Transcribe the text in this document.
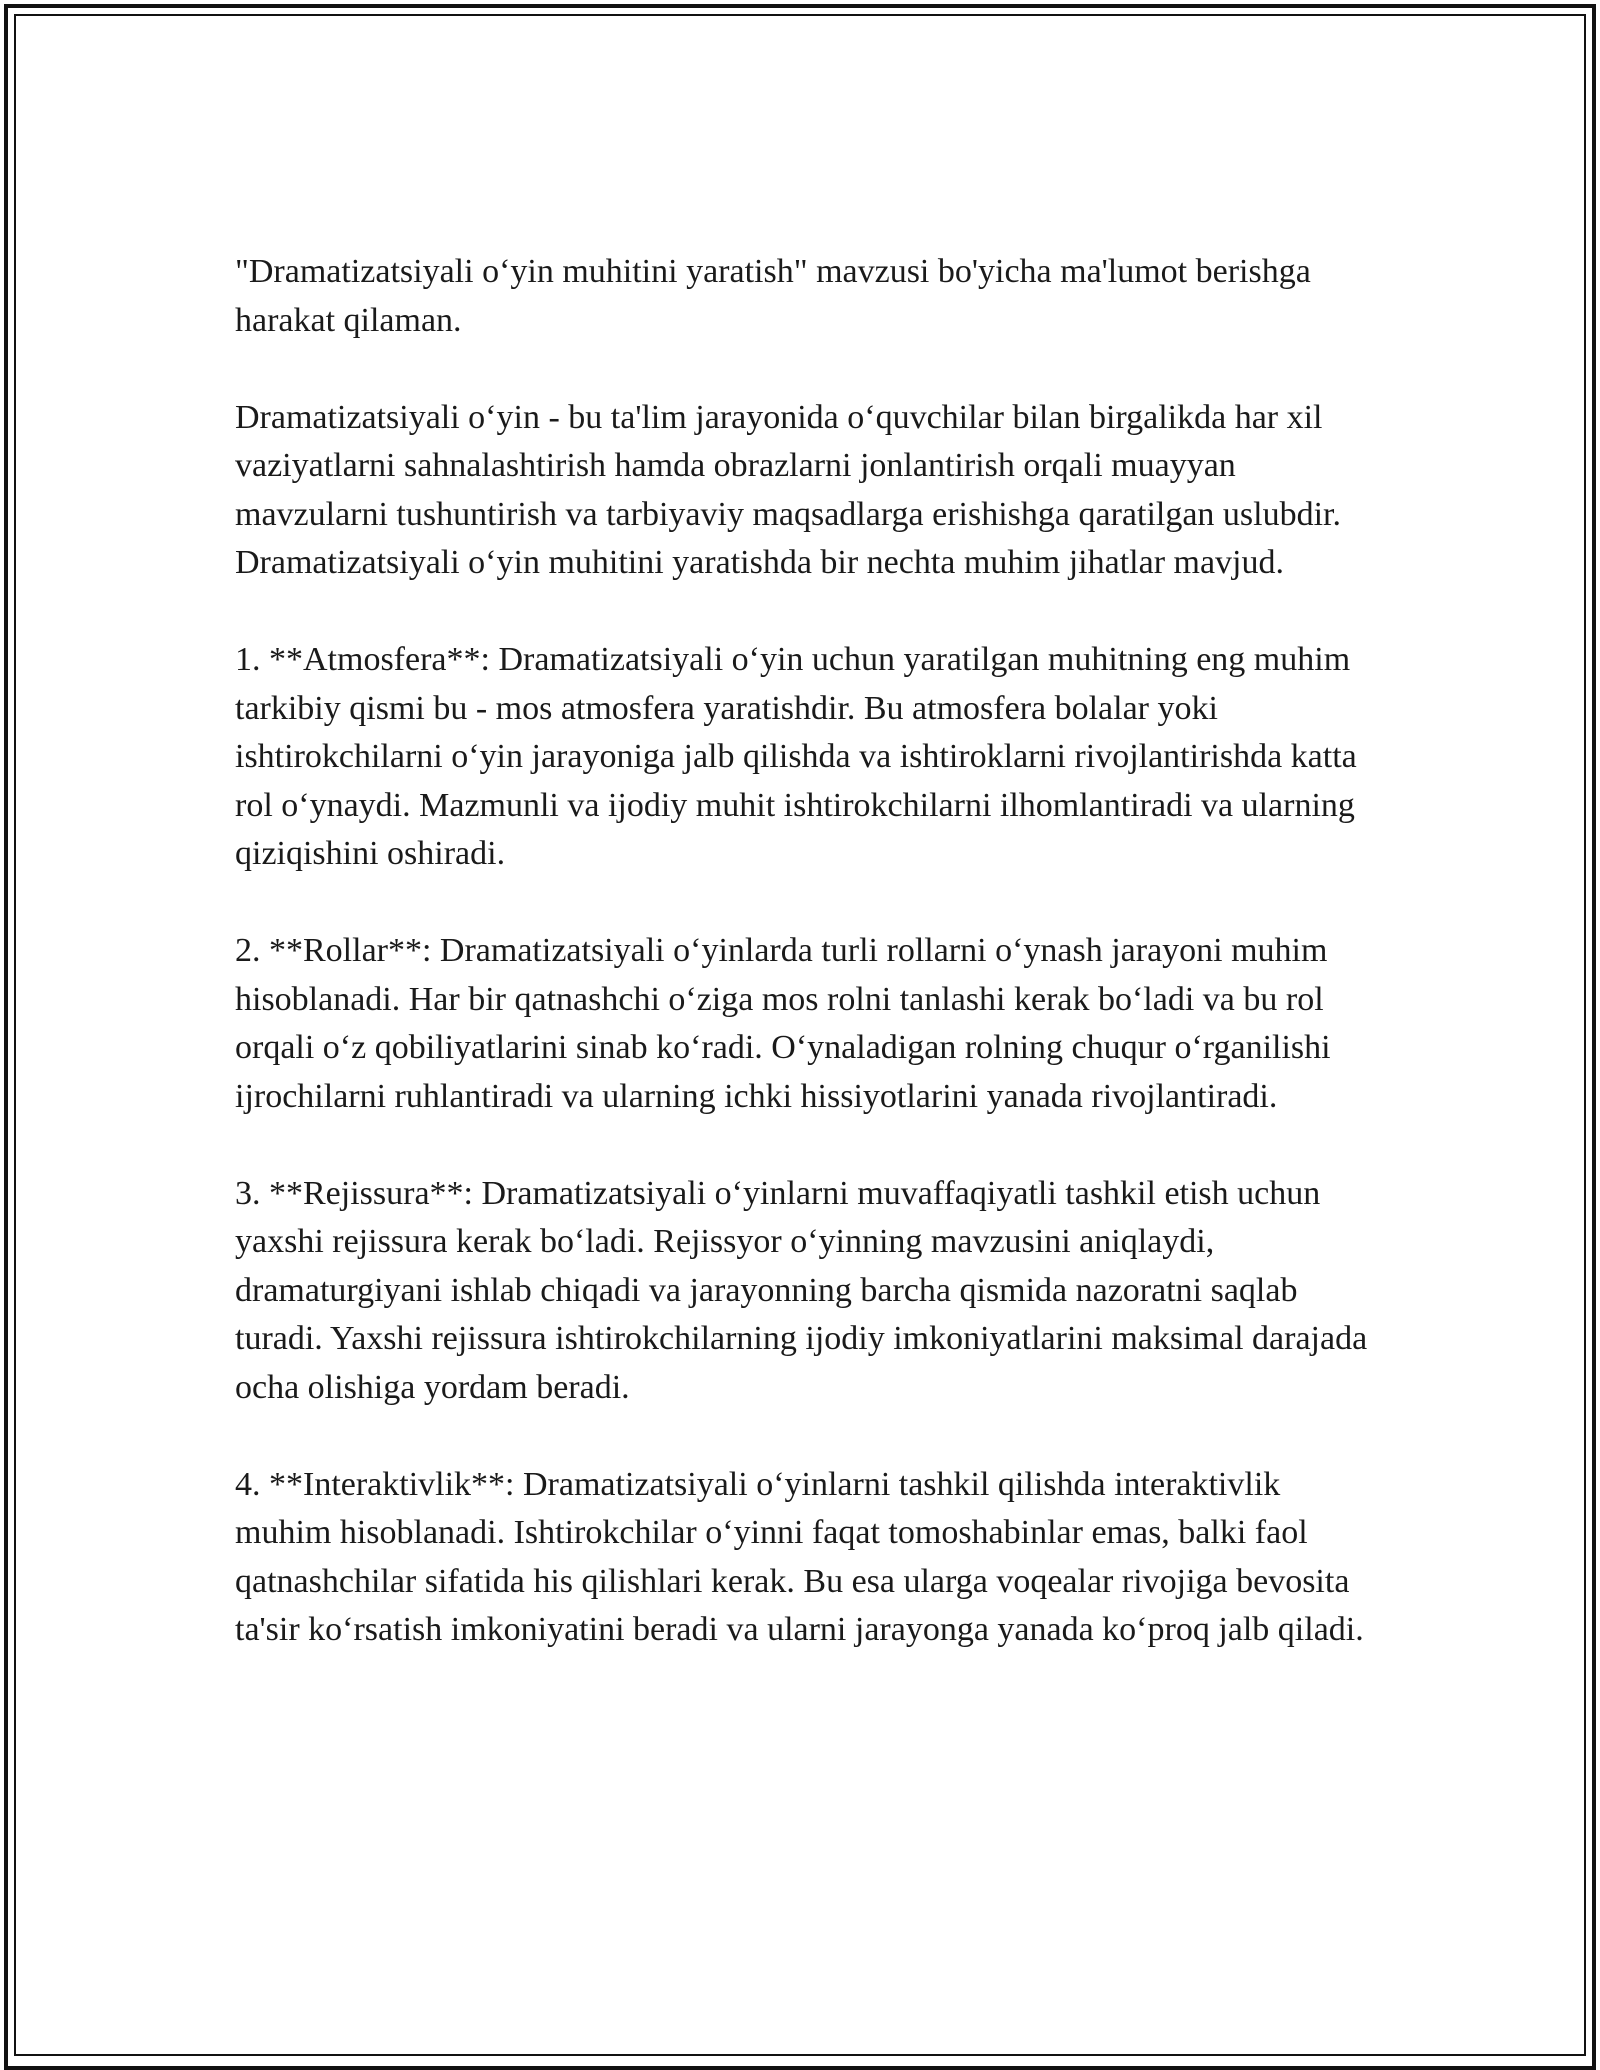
"Dramatizatsiyali o‘yin muhitini yaratish" mavzusi bo'yicha ma'lumot berishga harakat qilaman.

Dramatizatsiyali o‘yin - bu ta'lim jarayonida o‘quvchilar bilan birgalikda har xil vaziyatlarni sahnalashtirish hamda obrazlarni jonlantirish orqali muayyan mavzularni tushuntirish va tarbiyaviy maqsadlarga erishishga qaratilgan uslubdir. Dramatizatsiyali o‘yin muhitini yaratishda bir nechta muhim jihatlar mavjud.

1. **Atmosfera**: Dramatizatsiyali o‘yin uchun yaratilgan muhitning eng muhim tarkibiy qismi bu - mos atmosfera yaratishdir. Bu atmosfera bolalar yoki ishtirokchilarni o‘yin jarayoniga jalb qilishda va ishtiroklarni rivojlantirishda katta rol o‘ynaydi. Mazmunli va ijodiy muhit ishtirokchilarni ilhomlantiradi va ularning qiziqishini oshiradi.

2. **Rollar**: Dramatizatsiyali o‘yinlarda turli rollarni o‘ynash jarayoni muhim hisoblanadi. Har bir qatnashchi o‘ziga mos rolni tanlashi kerak bo‘ladi va bu rol orqali o‘z qobiliyatlarini sinab ko‘radi. O‘ynaladigan rolning chuqur o‘rganilishi ijrochilarni ruhlantiradi va ularning ichki hissiyotlarini yanada rivojlantiradi.

3. **Rejissura**: Dramatizatsiyali o‘yinlarni muvaffaqiyatli tashkil etish uchun yaxshi rejissura kerak bo‘ladi. Rejissyor o‘yinning mavzusini aniqlaydi, dramaturgiyani ishlab chiqadi va jarayonning barcha qismida nazoratni saqlab turadi. Yaxshi rejissura ishtirokchilarning ijodiy imkoniyatlarini maksimal darajada ocha olishiga yordam beradi.

4. **Interaktivlik**: Dramatizatsiyali o‘yinlarni tashkil qilishda interaktivlik muhim hisoblanadi. Ishtirokchilar o‘yinni faqat tomoshabinlar emas, balki faol qatnashchilar sifatida his qilishlari kerak. Bu esa ularga voqealar rivojiga bevosita ta'sir ko‘rsatish imkoniyatini beradi va ularni jarayonga yanada ko‘proq jalb qiladi.
